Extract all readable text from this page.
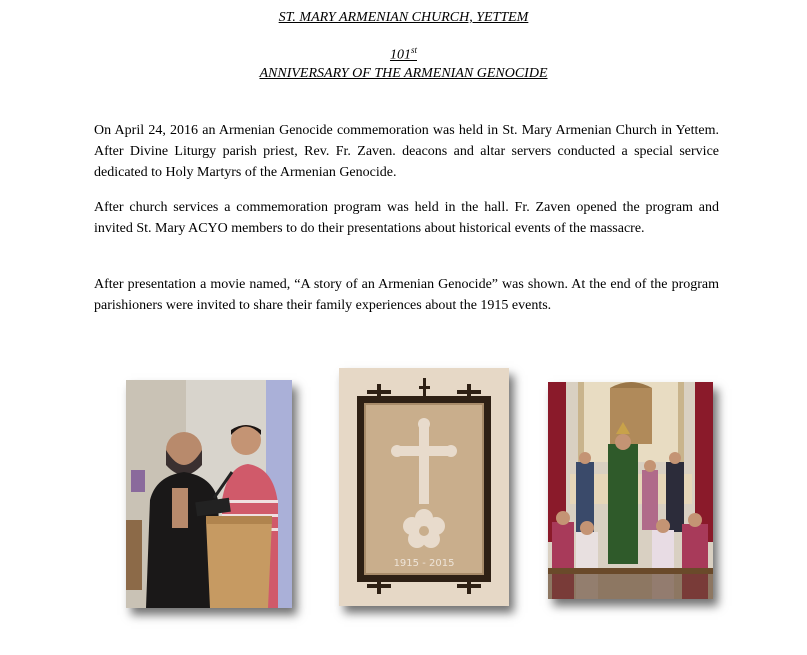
ST. MARY ARMENIAN CHURCH, YETTEM
101st
ANNIVERSARY OF THE ARMENIAN GENOCIDE

On April 24, 2016 an Armenian Genocide commemoration was held in St. Mary Armenian Church in Yettem. After Divine Liturgy parish priest, Rev. Fr. Zaven. deacons and altar servers conducted a special service dedicated to Holy Martyrs of the Armenian Genocide.

After church services a commemoration program was held in the hall. Fr. Zaven opened the program and invited St. Mary ACYO members to do their presentations about historical events of the massacre.

After presentation a movie named, “A story of an Armenian Genocide” was shown. At the end of the program parishioners were invited to share their family experiences about the 1915 events.

1915 - 2015
